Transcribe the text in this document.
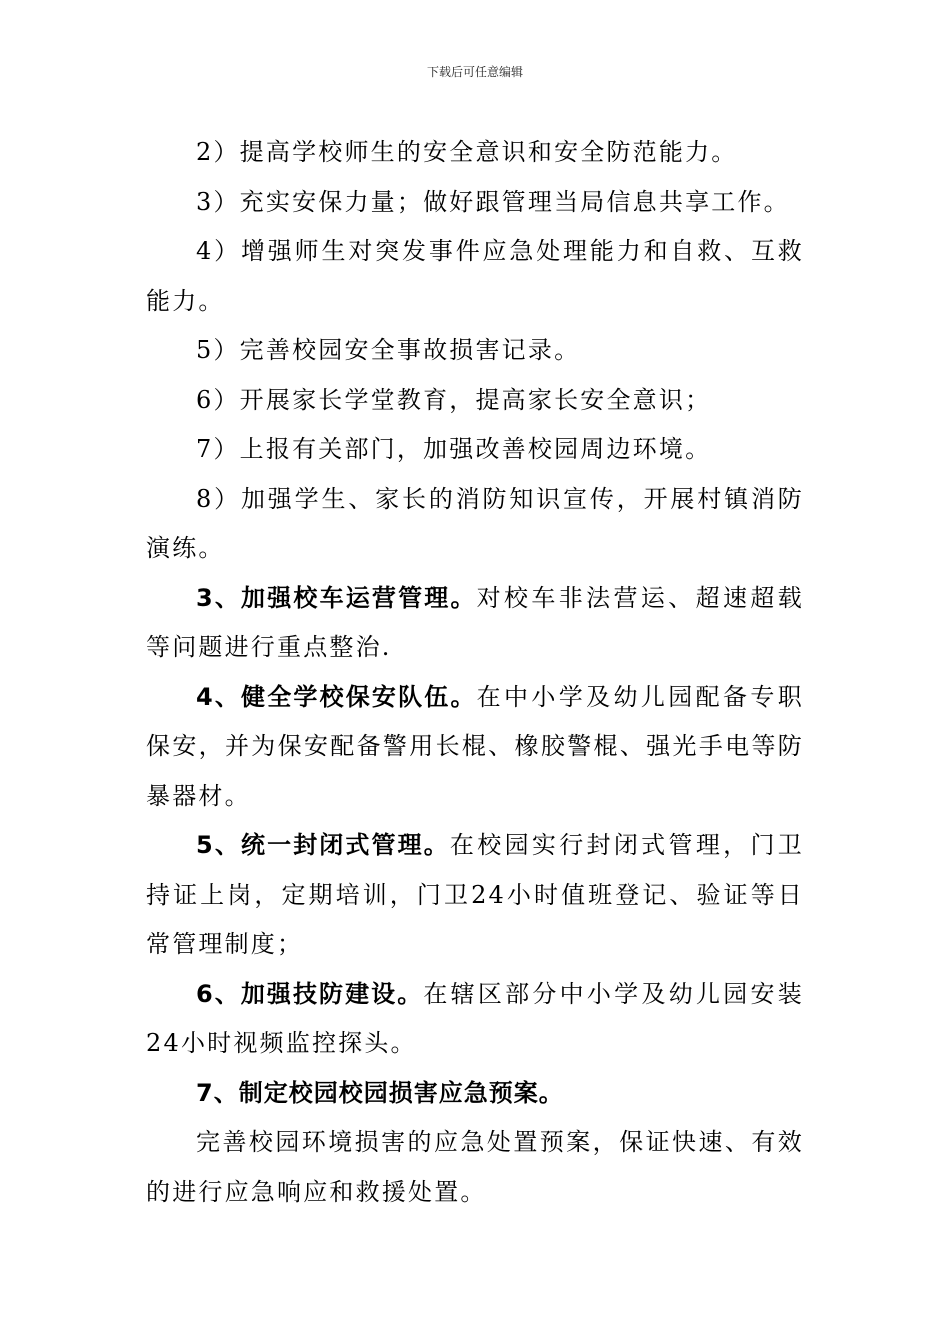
下载后可任意编辑

2）提高学校师生的安全意识和安全防范能力。

3）充实安保力量；做好跟管理当局信息共享工作。

4）增强师生对突发事件应急处理能力和自救、互救能力。

5）完善校园安全事故损害记录。

6）开展家长学堂教育，提高家长安全意识；

7）上报有关部门，加强改善校园周边环境。

8）加强学生、家长的消防知识宣传，开展村镇消防演练。

3、加强校车运营管理。对校车非法营运、超速超载等问题进行重点整治.

4、健全学校保安队伍。在中小学及幼儿园配备专职保安，并为保安配备警用长棍、橡胶警棍、强光手电等防暴器材。

5、统一封闭式管理。在校园实行封闭式管理，门卫持证上岗，定期培训，门卫24小时值班登记、验证等日常管理制度；

6、加强技防建设。在辖区部分中小学及幼儿园安装24小时视频监控探头。

7、制定校园校园损害应急预案。

完善校园环境损害的应急处置预案，保证快速、有效的进行应急响应和救援处置。
